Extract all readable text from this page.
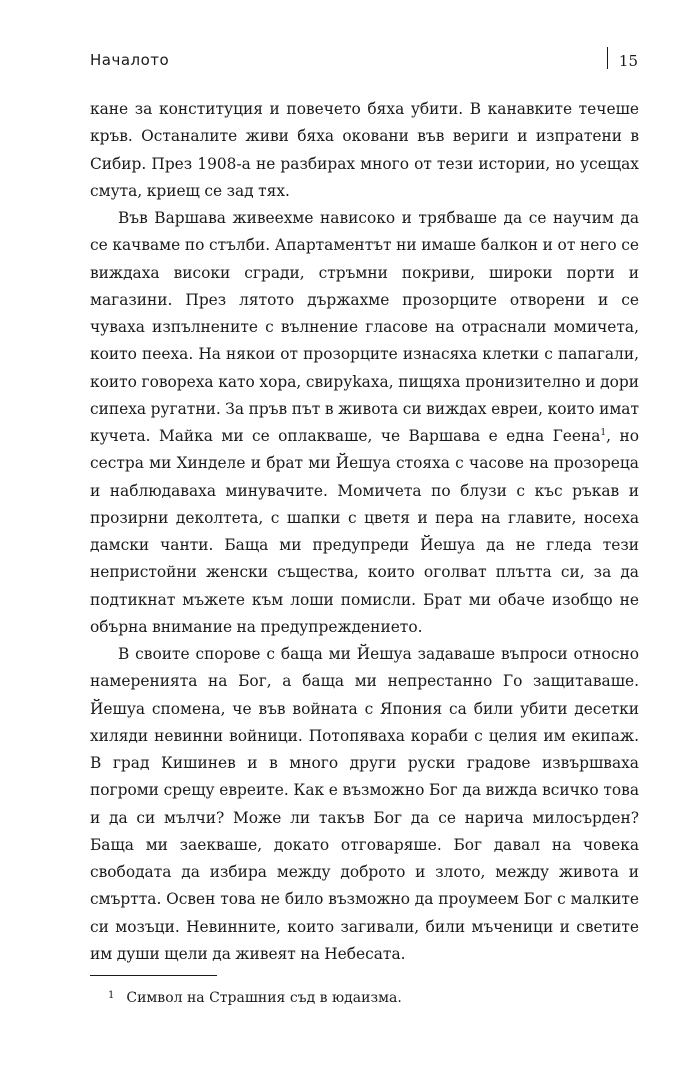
Началото	15

кане за конституция и повечето бяха убити. В канавките течеше кръв. Останалите живи бяха оковани във вериги и изпратени в Сибир. През 1908-а не разбирах много от тези истории, но усещах смута, криещ се зад тях.

Във Варшава живеехме нависоко и трябваше да се научим да се качваме по стълби. Апартаментът ни имаше балкон и от него се виждаха високи сгради, стръмни покриви, широки порти и магазини. През лятото държахме прозорците отворени и се чуваха изпълнените с вълнение гласове на отраснали момичета, които пееха. На някои от прозорците изнасяха клетки с папагали, които говореха като хора, свируkaха, пищяха пронизително и дори сипеха ругатни. За пръв път в живота си виждах евреи, които имат кучета. Майка ми се оплакваше, че Варшава е една Геена$^1$, но сестра ми Хинделе и брат ми Йешуа стояха с часове на прозореца и наблюдаваха минувачите. Момичета по блузи с къс ръкав и прозирни деколтета, с шапки с цветя и пера на главите, носеха дамски чанти. Баща ми предупреди Йешуа да не гледа тези непристойни женски същества, които оголват плътта си, за да подтикнат мъжете към лоши помисли. Брат ми обаче изобщо не обърна внимание на предупреждението.

В своите спорове с баща ми Йешуа задаваше въпроси относно намеренията на Бог, а баща ми непрестанно Го защитаваше. Йешуа спомена, че във войната с Япония са били убити десетки хиляди невинни войници. Потопяваха кораби с целия им екипаж. В град Кишинев и в много други руски градове извършваха погроми срещу евреите. Как е възможно Бог да вижда всичко това и да си мълчи? Може ли такъв Бог да се нарича милосърден? Баща ми заекваше, докато отговаряше. Бог давал на човека свободата да избира между доброто и злото, между живота и смъртта. Освен това не било възможно да проумеем Бог с малките си мозъци. Невинните, които загивали, били мъченици и светите им души щели да живеят на Небесата.

$^1$ Символ на Страшния съд в юдаизма.
